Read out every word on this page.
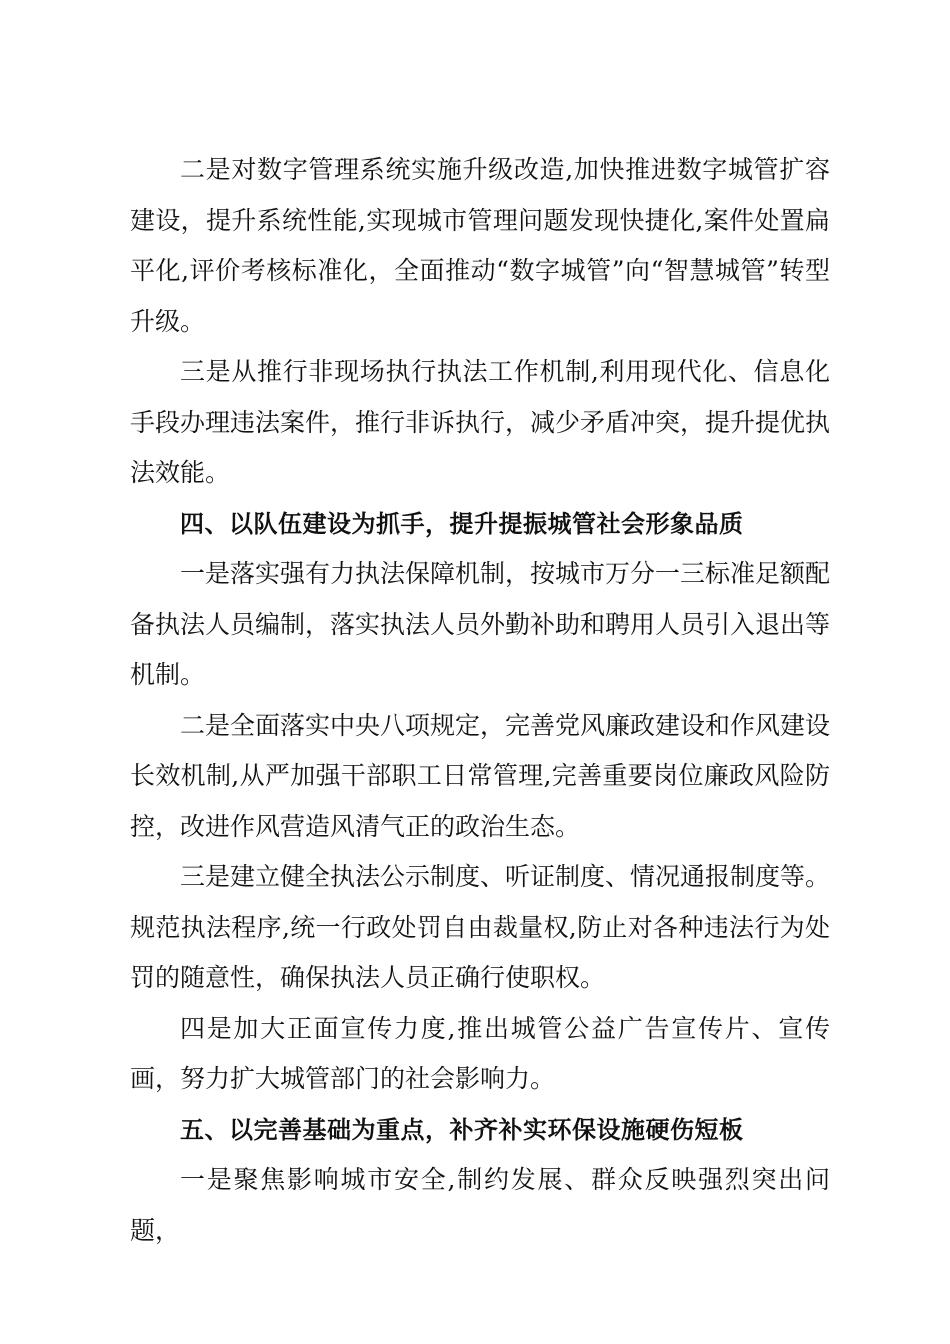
二是对数字管理系统实施升级改造,加快推进数字城管扩容建设，提升系统性能,实现城市管理问题发现快捷化,案件处置扁平化,评价考核标准化，全面推动“数字城管”向“智慧城管”转型升级。

三是从推行非现场执行执法工作机制,利用现代化、信息化手段办理违法案件，推行非诉执行，减少矛盾冲突，提升提优执法效能。

四、以队伍建设为抓手，提升提振城管社会形象品质

一是落实强有力执法保障机制，按城市万分一三标准足额配备执法人员编制，落实执法人员外勤补助和聘用人员引入退出等机制。

二是全面落实中央八项规定，完善党风廉政建设和作风建设长效机制,从严加强干部职工日常管理,完善重要岗位廉政风险防控，改进作风营造风清气正的政治生态。

三是建立健全执法公示制度、听证制度、情况通报制度等。规范执法程序,统一行政处罚自由裁量权,防止对各种违法行为处罚的随意性，确保执法人员正确行使职权。

四是加大正面宣传力度,推出城管公益广告宣传片、宣传画，努力扩大城管部门的社会影响力。

五、以完善基础为重点，补齐补实环保设施硬伤短板

一是聚焦影响城市安全,制约发展、群众反映强烈突出问题，
